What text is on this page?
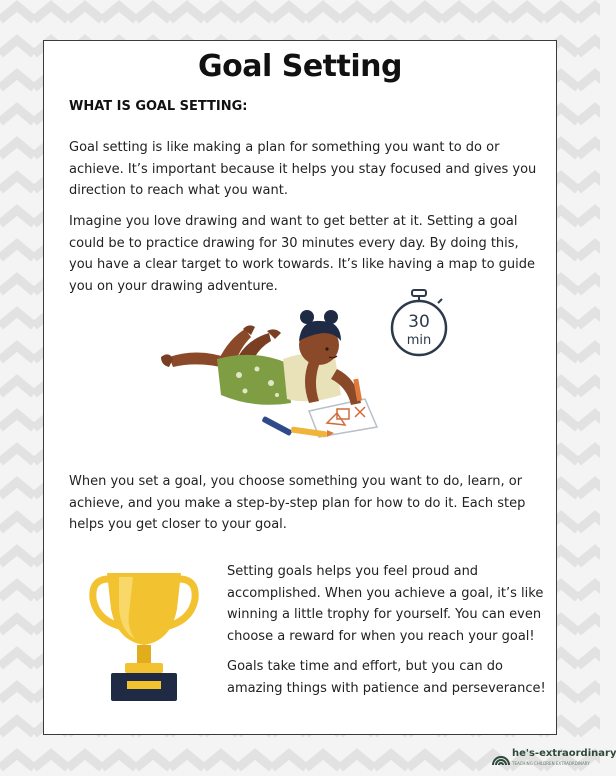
Goal Setting

WHAT IS GOAL SETTING:

Goal setting is like making a plan for something you want to do or achieve. It’s important because it helps you stay focused and gives you direction to reach what you want.

Imagine you love drawing and want to get better at it. Setting a goal could be to practice drawing for 30 minutes every day. By doing this, you have a clear target to work towards. It’s like having a map to guide you on your drawing adventure.

30
min

When you set a goal, you choose something you want to do, learn, or achieve, and you make a step-by-step plan for how to do it. Each step helps you get closer to your goal.

Setting goals helps you feel proud and accomplished. When you achieve a goal, it’s like winning a little trophy for yourself. You can even choose a reward for when you reach your goal!

Goals take time and effort, but you can do amazing things with patience and perseverance!

he's-extraordinary
TEACHING CHILDREN EXTRAORDINARY
